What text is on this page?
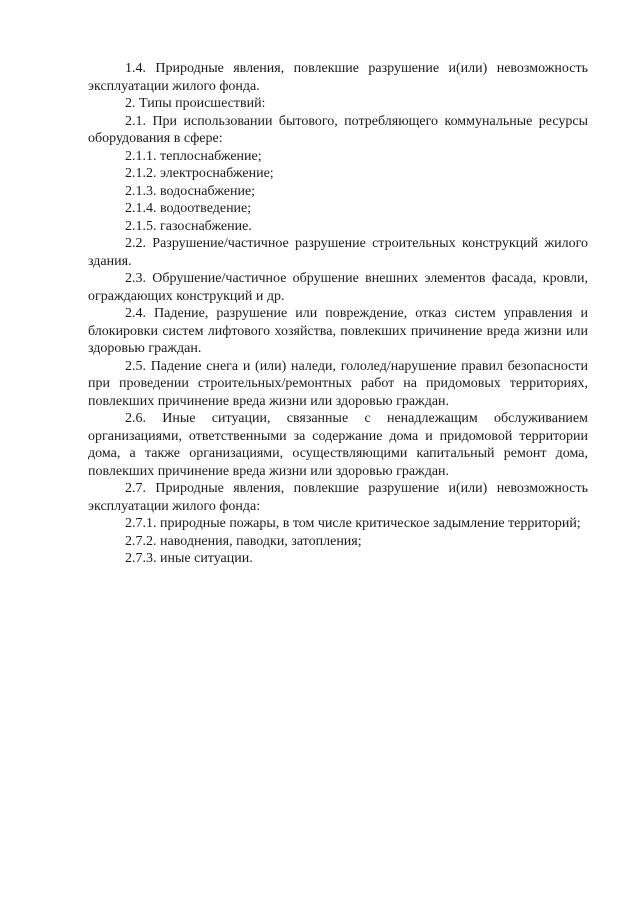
1.4. Природные явления, повлекшие разрушение и(или) невозможность эксплуатации жилого фонда.

2. Типы происшествий:

2.1. При использовании бытового, потребляющего коммунальные ресурсы оборудования в сфере:

2.1.1. теплоснабжение;

2.1.2. электроснабжение;

2.1.3. водоснабжение;

2.1.4. водоотведение;

2.1.5. газоснабжение.

2.2. Разрушение/частичное разрушение строительных конструкций жилого здания.

2.3. Обрушение/частичное обрушение внешних элементов фасада, кровли, ограждающих конструкций и др.

2.4. Падение, разрушение или повреждение, отказ систем управления и блокировки систем лифтового хозяйства, повлекших причинение вреда жизни или здоровью граждан.

2.5. Падение снега и (или) наледи, гололед/нарушение правил безопасности при проведении строительных/ремонтных работ на придомовых территориях, повлекших причинение вреда жизни или здоровью граждан.

2.6. Иные ситуации, связанные с ненадлежащим обслуживанием организациями, ответственными за содержание дома и придомовой территории дома, а также организациями, осуществляющими капитальный ремонт дома, повлекших причинение вреда жизни или здоровью граждан.

2.7. Природные явления, повлекшие разрушение и(или) невозможность эксплуатации жилого фонда:

2.7.1. природные пожары, в том числе критическое задымление территорий;

2.7.2. наводнения, паводки, затопления;

2.7.3. иные ситуации.
